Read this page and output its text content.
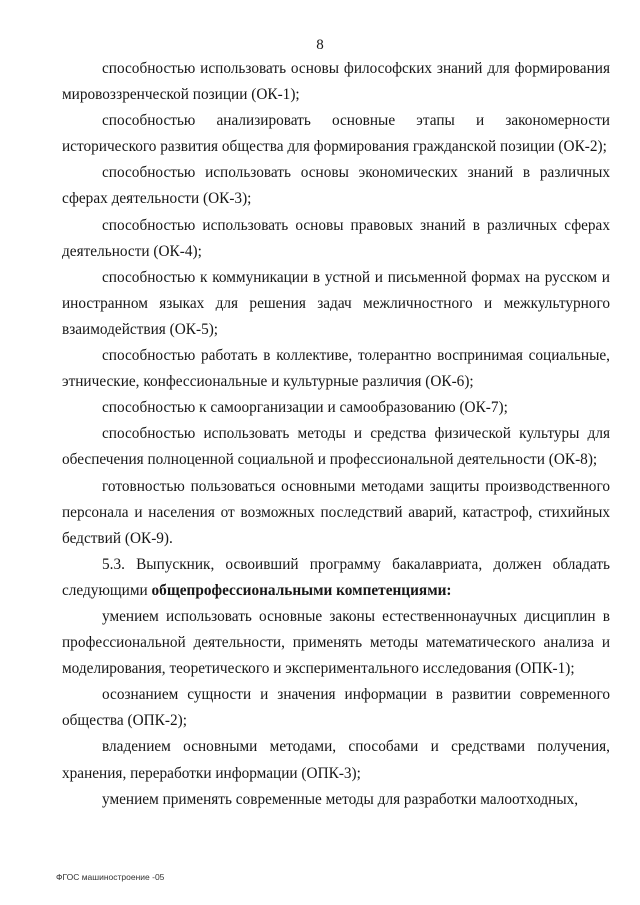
8

способностью использовать основы философских знаний для формирования мировоззренческой позиции (ОК-1);

способностью анализировать основные этапы и закономерности исторического развития общества для формирования гражданской позиции (ОК-2);

способностью использовать основы экономических знаний в различных сферах деятельности (ОК-3);

способностью использовать основы правовых знаний в различных сферах деятельности (ОК-4);

способностью к коммуникации в устной и письменной формах на русском и иностранном языках для решения задач межличностного и межкультурного взаимодействия (ОК-5);

способностью работать в коллективе, толерантно воспринимая социальные, этнические, конфессиональные и культурные различия (ОК-6);

способностью к самоорганизации и самообразованию (ОК-7);

способностью использовать методы и средства физической культуры для обеспечения полноценной социальной и профессиональной деятельности (ОК-8);

готовностью пользоваться основными методами защиты производственного персонала и населения от возможных последствий аварий, катастроф, стихийных бедствий (ОК-9).

5.3. Выпускник, освоивший программу бакалавриата, должен обладать следующими общепрофессиональными компетенциями:

умением использовать основные законы естественнонаучных дисциплин в профессиональной деятельности, применять методы математического анализа и моделирования, теоретического и экспериментального исследования (ОПК-1);

осознанием сущности и значения информации в развитии современного общества (ОПК-2);

владением основными методами, способами и средствами получения, хранения, переработки информации (ОПК-3);

умением применять современные методы для разработки малоотходных,

ФГОС машиностроение -05
